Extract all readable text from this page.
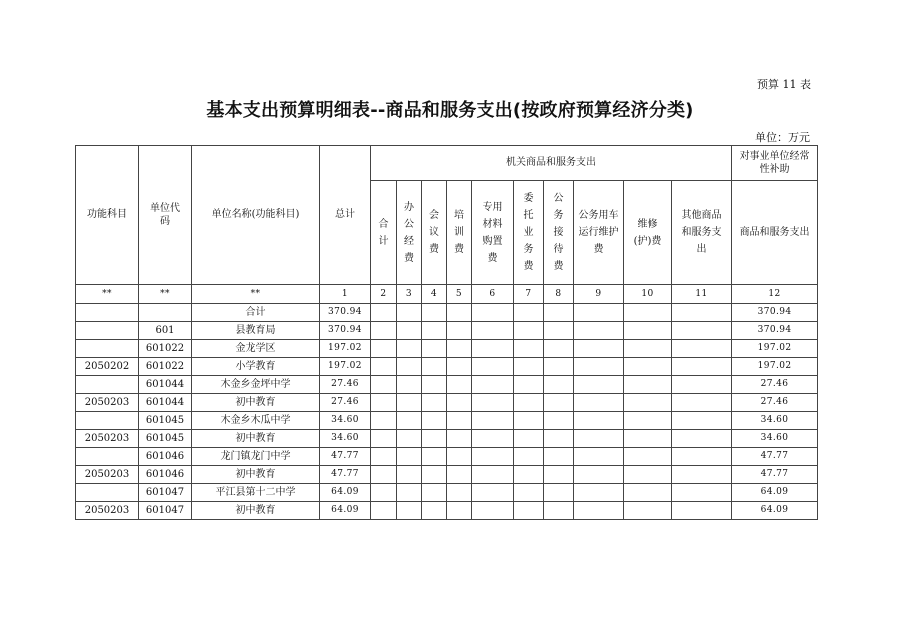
预算 11 表
基本支出预算明细表--商品和服务支出(按政府预算经济分类)
单位：万元
功能科目	单位代码	单位名称(功能科目)	总计	机关商品和服务支出										对事业单位经常性补助

				合计	办公经费	会议费	培训费	专用材料购置费	委托业务费	公务接待费	公务用车运行维护费	维修(护)费	其他商品和服务支出	商品和服务支出
**	**	**	1	2	3	4	5	6	7	8	9	10	11	12
		合计	370.94											370.94
	601	县教育局	370.94											370.94
	601022	金龙学区	197.02											197.02
2050202	601022	小学教育	197.02											197.02
	601044	木金乡金坪中学	27.46											27.46
2050203	601044	初中教育	27.46											27.46
	601045	木金乡木瓜中学	34.60											34.60
2050203	601045	初中教育	34.60											34.60
	601046	龙门镇龙门中学	47.77											47.77
2050203	601046	初中教育	47.77											47.77
	601047	平江县第十二中学	64.09											64.09
2050203	601047	初中教育	64.09											64.09
